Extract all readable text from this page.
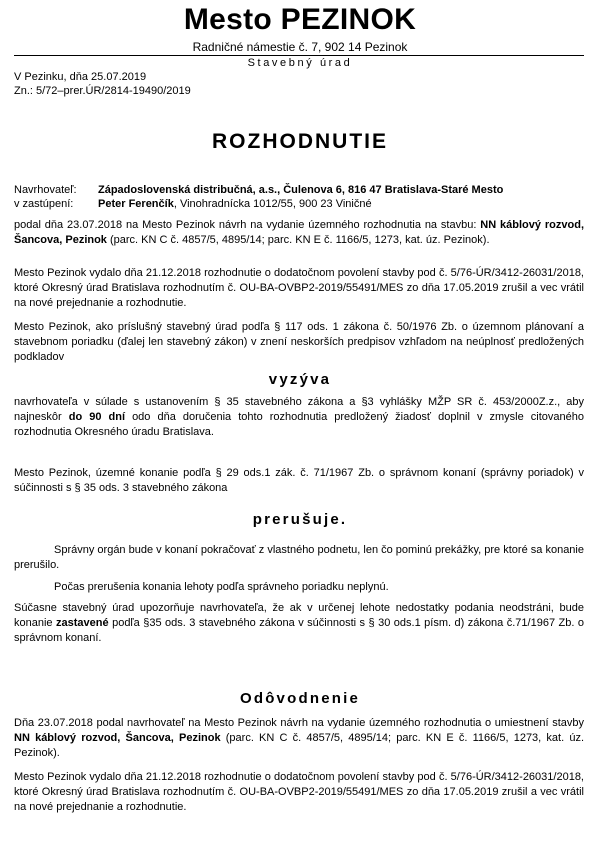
Mesto PEZINOK
Radničné námestie č. 7, 902 14 Pezinok
Stavebný úrad
V Pezinku, dňa 25.07.2019
Zn.: 5/72–prer.ÚR/2814-19490/2019
ROZHODNUTIE
Navrhovateľ:	Západoslovenská distribučná, a.s., Čulenova 6, 816 47 Bratislava-Staré Mesto
v zastúpení:	Peter Ferenčík, Vinohradnícka 1012/55, 900 23 Viničné
podal dňa 23.07.2018 na Mesto Pezinok návrh na vydanie územného rozhodnutia na stavbu: NN káblový rozvod, Šancova, Pezinok (parc. KN C č. 4857/5, 4895/14; parc. KN E č. 1166/5, 1273, kat. úz. Pezinok).
Mesto Pezinok vydalo dňa 21.12.2018 rozhodnutie o dodatočnom povolení stavby pod č. 5/76-ÚR/3412-26031/2018, ktoré Okresný úrad Bratislava rozhodnutím č. OU-BA-OVBP2-2019/55491/MES zo dňa 17.05.2019 zrušil a vec vrátil na nové prejednanie a rozhodnutie.
Mesto Pezinok, ako príslušný stavebný úrad podľa § 117 ods. 1 zákona č. 50/1976 Zb. o územnom plánovaní a stavebnom poriadku (ďalej len stavebný zákon) v znení neskorších predpisov vzhľadom na neúplnosť predložených podkladov
vyzýva
navrhovateľa v súlade s ustanovením § 35 stavebného zákona a §3 vyhlášky MŽP SR č. 453/2000Z.z., aby najneskôr do 90 dní odo dňa doručenia tohto rozhodnutia predložený žiadosť doplnil v zmysle citovaného rozhodnutia Okresného úradu Bratislava.
Mesto Pezinok, územné konanie podľa § 29 ods.1 zák. č. 71/1967 Zb. o správnom konaní (správny poriadok) v súčinnosti s § 35 ods. 3 stavebného zákona
prerušuje.
Správny orgán bude v konaní pokračovať z vlastného podnetu, len čo pominú prekážky, pre ktoré sa konanie prerušilo.
Počas prerušenia konania lehoty podľa správneho poriadku neplynú.
Súčasne stavebný úrad upozorňuje navrhovateľa, že ak v určenej lehote nedostatky podania neodstráni, bude konanie zastavené podľa §35 ods. 3 stavebného zákona v súčinnosti s § 30 ods.1 písm. d) zákona č.71/1967 Zb. o správnom konaní.
Odôvodnenie
Dňa 23.07.2018 podal navrhovateľ na Mesto Pezinok návrh na vydanie územného rozhodnutia o umiestnení stavby NN káblový rozvod, Šancova, Pezinok (parc. KN C č. 4857/5, 4895/14; parc. KN E č. 1166/5, 1273, kat. úz. Pezinok).
Mesto Pezinok vydalo dňa 21.12.2018 rozhodnutie o dodatočnom povolení stavby pod č. 5/76-ÚR/3412-26031/2018, ktoré Okresný úrad Bratislava rozhodnutím č. OU-BA-OVBP2-2019/55491/MES zo dňa 17.05.2019 zrušil a vec vrátil na nové prejednanie a rozhodnutie.
